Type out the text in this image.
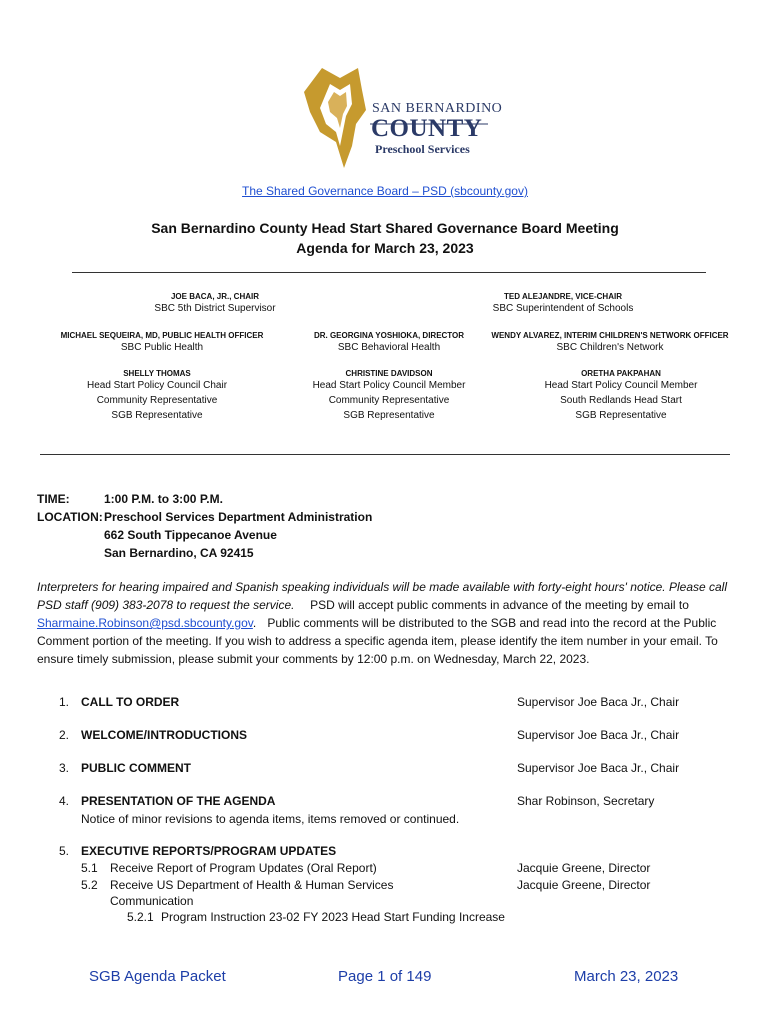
SAN BERNARDINO
COUNTY
Preschool Services
The Shared Governance Board – PSD (sbcounty.gov)
San Bernardino County Head Start Shared Governance Board Meeting
Agenda for March 23, 2023
JOE BACA, JR., CHAIR
SBC 5th District Supervisor
TED ALEJANDRE, VICE-CHAIR
SBC Superintendent of Schools
MICHAEL SEQUEIRA, MD, PUBLIC HEALTH OFFICER
SBC Public Health
DR. GEORGINA YOSHIOKA, DIRECTOR
SBC Behavioral Health
WENDY ALVAREZ, INTERIM CHILDREN'S NETWORK OFFICER
SBC Children's Network
SHELLY THOMAS
Head Start Policy Council Chair
Community Representative
SGB Representative
CHRISTINE DAVIDSON
Head Start Policy Council Member
Community Representative
SGB Representative
ORETHA PAKPAHAN
Head Start Policy Council Member
South Redlands Head Start
SGB Representative
TIME:	1:00 P.M. to 3:00 P.M.
LOCATION: Preschool Services Department Administration
662 South Tippecanoe Avenue
San Bernardino, CA 92415
Interpreters for hearing impaired and Spanish speaking individuals will be made available with forty-eight hours' notice. Please call PSD staff (909) 383-2078 to request the service. PSD will accept public comments in advance of the meeting by email to Sharmaine.Robinson@psd.sbcounty.gov.   Public comments will be distributed to the SGB and read into the record at the Public Comment portion of the meeting. If you wish to address a specific agenda item, please identify the item number in your email. To ensure timely submission, please submit your comments by 12:00 p.m. on Wednesday, March 22, 2023.
1. CALL TO ORDER	Supervisor Joe Baca Jr., Chair
2. WELCOME/INTRODUCTIONS	Supervisor Joe Baca Jr., Chair
3. PUBLIC COMMENT	Supervisor Joe Baca Jr., Chair
4. PRESENTATION OF THE AGENDA	Shar Robinson, Secretary
Notice of minor revisions to agenda items, items removed or continued.
5. EXECUTIVE REPORTS/PROGRAM UPDATES
5.1 Receive Report of Program Updates (Oral Report)	Jacquie Greene, Director
5.2 Receive US Department of Health & Human Services	Jacquie Greene, Director
Communication
5.2.1 Program Instruction 23-02 FY 2023 Head Start Funding Increase
SGB Agenda Packet	Page 1 of 149	March 23, 2023
